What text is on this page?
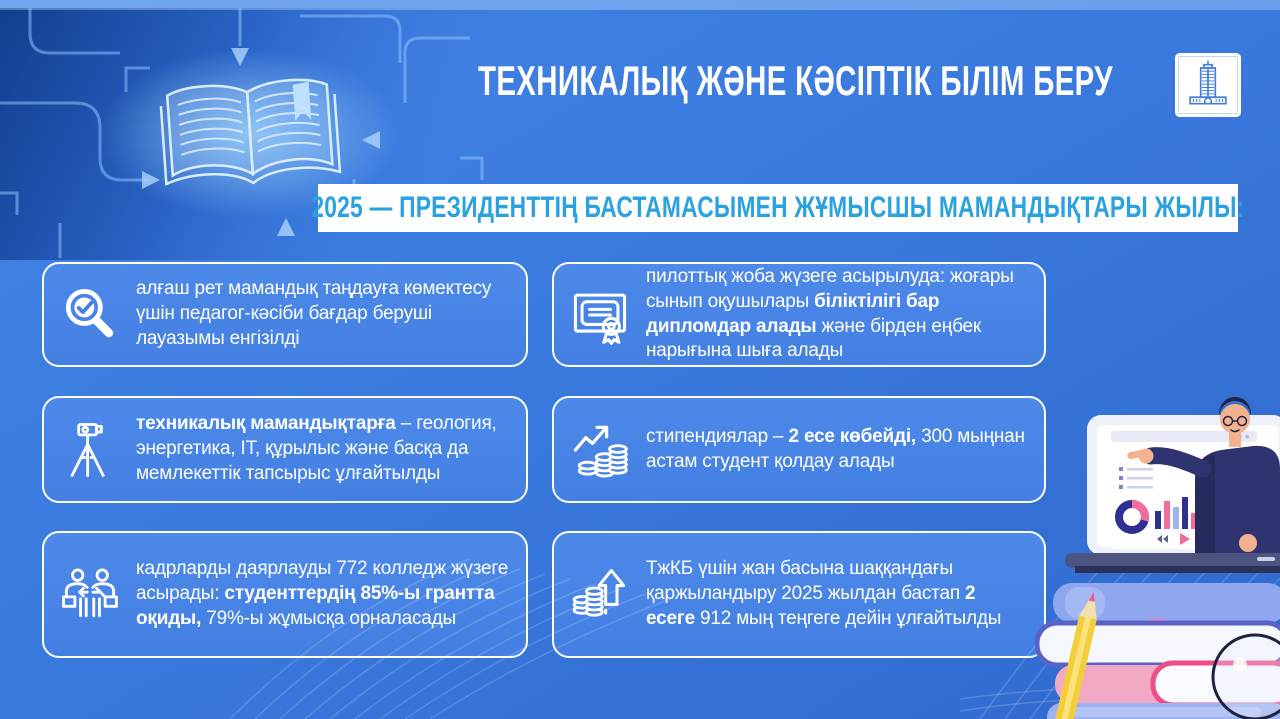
ТЕХНИКАЛЫҚ ЖӘНЕ КӘСІПТІК БІЛІМ БЕРУ
2025 — ПРЕЗИДЕНТТІҢ БАСТАМАСЫМЕН ЖҰМЫСШЫ МАМАНДЫҚТАРЫ ЖЫЛЫ:
алғаш рет мамандық таңдауға көмектесу үшін педагог-кәсіби бағдар беруші лауазымы енгізілді
пилоттық жоба жүзеге асырылуда: жоғары сынып оқушылары біліктілігі бар дипломдар алады және бірден еңбек нарығына шыға алады
техникалық мамандықтарға – геология, энергетика, IT, құрылыс және басқа да мемлекеттік тапсырыс ұлғайтылды
стипендиялар – 2 есе көбейді, 300 мыңнан астам студент қолдау алады
кадрларды даярлауды 772 колледж жүзеге асырады: студенттердің 85%-ы грантта оқиды, 79%-ы жұмысқа орналасады
ТжКБ үшін жан басына шаққандағы қаржыландыру 2025 жылдан бастап 2 есеге 912 мың теңгеге дейін ұлғайтылды
